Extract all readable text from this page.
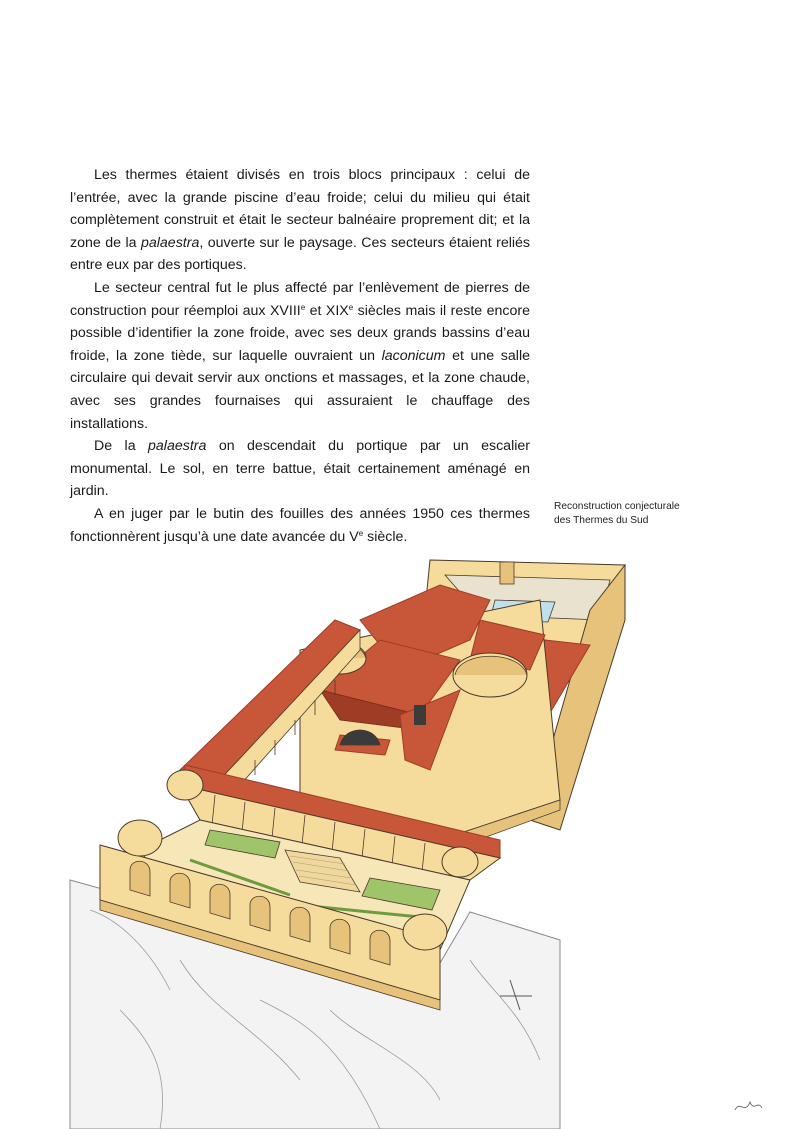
Les thermes étaient divisés en trois blocs principaux : celui de l’entrée, avec la grande piscine d’eau froide; celui du milieu qui était complètement construit et était le secteur balnéaire proprement dit; et la zone de la palaestra, ouverte sur le paysage. Ces secteurs étaient reliés entre eux par des portiques.

Le secteur central fut le plus affecté par l’enlèvement de pierres de construction pour réemploi aux XVIIIe et XIXe siècles mais il reste encore possible d’identifier la zone froide, avec ses deux grands bassins d’eau froide, la zone tiède, sur laquelle ouvraient un laconicum et une salle circulaire qui devait servir aux onctions et massages, et la zone chaude, avec ses grandes fournaises qui assuraient le chauffage des installations.

De la palaestra on descendait du portique par un escalier monumental. Le sol, en terre battue, était certainement aménagé en jardin.

A en juger par le butin des fouilles des années 1950 ces thermes fonctionnèrent jusqu’à une date avancée du Ve siècle.

Reconstruction conjecturale
des Thermes du Sud
